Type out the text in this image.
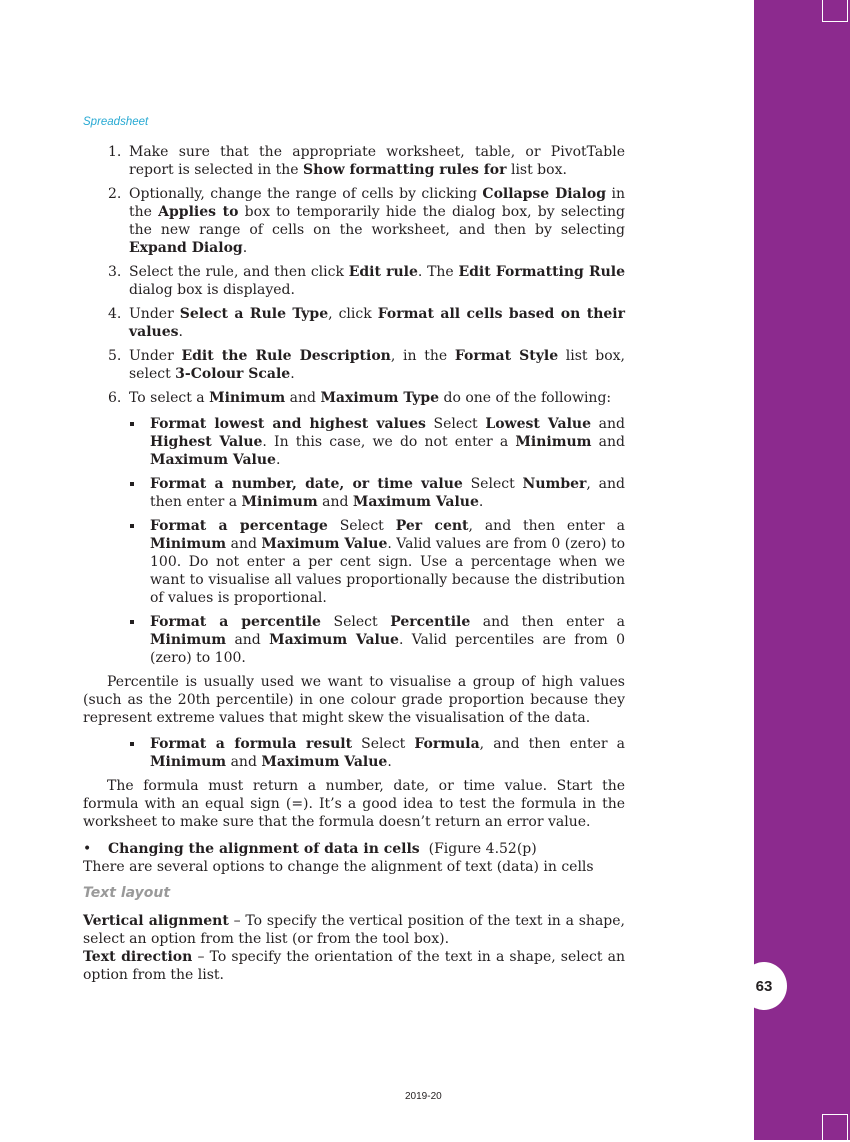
63
Spreadsheet
1. Make sure that the appropriate worksheet, table, or PivotTable report is selected in the Show formatting rules for list box.
2. Optionally, change the range of cells by clicking Collapse Dialog in the Applies to box to temporarily hide the dialog box, by selecting the new range of cells on the worksheet, and then by selecting Expand Dialog.
3. Select the rule, and then click Edit rule. The Edit Formatting Rule dialog box is displayed.
4. Under Select a Rule Type, click Format all cells based on their values.
5. Under Edit the Rule Description, in the Format Style list box, select 3-Colour Scale.
6. To select a Minimum and Maximum Type do one of the following:
Format lowest and highest values Select Lowest Value and Highest Value. In this case, we do not enter a Minimum and Maximum Value.
Format a number, date, or time value Select Number, and then enter a Minimum and Maximum Value.
Format a percentage Select Per cent, and then enter a Minimum and Maximum Value. Valid values are from 0 (zero) to 100. Do not enter a per cent sign. Use a percentage when we want to visualise all values proportionally because the distribution of values is proportional.
Format a percentile Select Percentile and then enter a Minimum and Maximum Value. Valid percentiles are from 0 (zero) to 100.

Percentile is usually used we want to visualise a group of high values (such as the 20th percentile) in one colour grade proportion because they represent extreme values that might skew the visualisation of the data.

Format a formula result Select Formula, and then enter a Minimum and Maximum Value.

The formula must return a number, date, or time value. Start the formula with an equal sign (=). It’s a good idea to test the formula in the worksheet to make sure that the formula doesn’t return an error value.

• Changing the alignment of data in cells (Figure 4.52(p)

There are several options to change the alignment of text (data) in cells

Text layout

Vertical alignment – To specify the vertical position of the text in a shape, select an option from the list (or from the tool box).

Text direction – To specify the orientation of the text in a shape, select an option from the list.

2019-20
